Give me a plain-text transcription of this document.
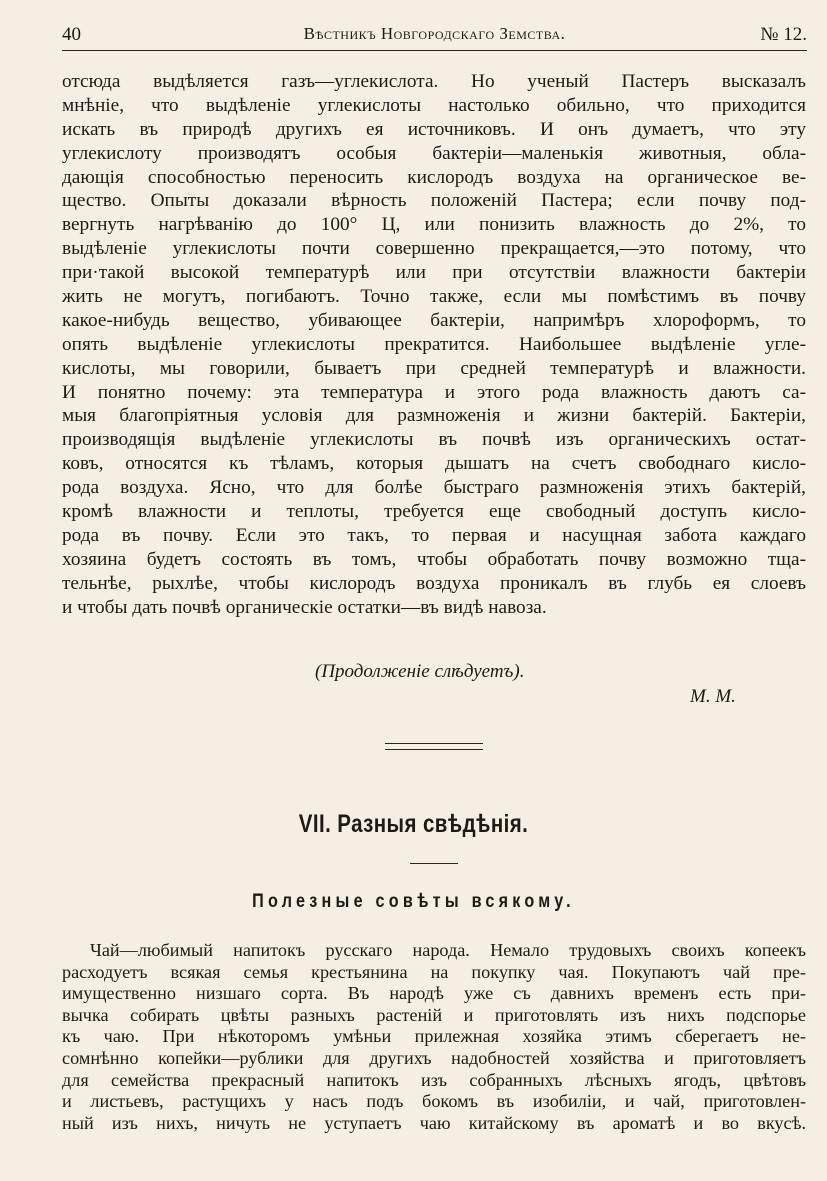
40	Вѣстникъ Новгородскаго Земства.	№ 12.
отсюда выдѣляется газъ—углекислота. Но ученый Пастеръ высказалъ
мнѣніе, что выдѣленіе углекислоты настолько обильно, что приходится
искать въ природѣ другихъ ея источниковъ. И онъ думаетъ, что эту
углекислоту производятъ особыя бактеріи—маленькія животныя, обла-
дающія способностью переносить кислородъ воздуха на органическое ве-
щество. Опыты доказали вѣрность положеній Пастера; если почву под-
вергнуть нагрѣванію до 100° Ц, или понизить влажность до 2%, то
выдѣленіе углекислоты почти совершенно прекращается,—это потому, что
при·такой высокой температурѣ или при отсутствіи влажности бактеріи
жить не могутъ, погибаютъ. Точно также, если мы помѣстимъ въ почву
какое-нибудь вещество, убивающее бактеріи, напримѣръ хлороформъ, то
опять выдѣленіе углекислоты прекратится. Наибольшее выдѣленіе угле-
кислоты, мы говорили, бываетъ при средней температурѣ и влажности.
И понятно почему: эта температура и этого рода влажность даютъ са-
мыя благопріятныя условія для размноженія и жизни бактерій. Бактеріи,
производящія выдѣленіе углекислоты въ почвѣ изъ органическихъ остат-
ковъ, относятся къ тѣламъ, которыя дышатъ на счетъ свободнаго кисло-
рода воздуха. Ясно, что для болѣе быстраго размноженія этихъ бактерій,
кромѣ влажности и теплоты, требуется еще свободный доступъ кисло-
рода въ почву. Если это такъ, то первая и насущная забота каждаго
хозяина будетъ состоять въ томъ, чтобы обработать почву возможно тща-
тельнѣе, рыхлѣе, чтобы кислородъ воздуха проникалъ въ глубь ея слоевъ
и чтобы дать почвѣ органическіе остатки—въ видѣ навоза.
(Продолженіе слѣдуетъ).
М. М.
VII. Разныя свѣдѣнія.
Полезные совѣты всякому.
Чай—любимый напитокъ русскаго народа. Немало трудовыхъ своихъ копеекъ
расходуетъ всякая семья крестьянина на покупку чая. Покупаютъ чай пре-
имущественно низшаго сорта. Въ народѣ уже съ давнихъ временъ есть при-
вычка собирать цвѣты разныхъ растеній и приготовлять изъ нихъ подспорье
къ чаю. При нѣкоторомъ умѣньи прилежная хозяйка этимъ сберегаетъ не-
сомнѣнно копейки—рублики для другихъ надобностей хозяйства и приготовляетъ
для семейства прекрасный напитокъ изъ собранныхъ лѣсныхъ ягодъ, цвѣтовъ
и листьевъ, растущихъ у насъ подъ бокомъ въ изобиліи, и чай, приготовлен-
ный изъ нихъ, ничуть не уступаетъ чаю китайскому въ ароматѣ и во вкусѣ.
